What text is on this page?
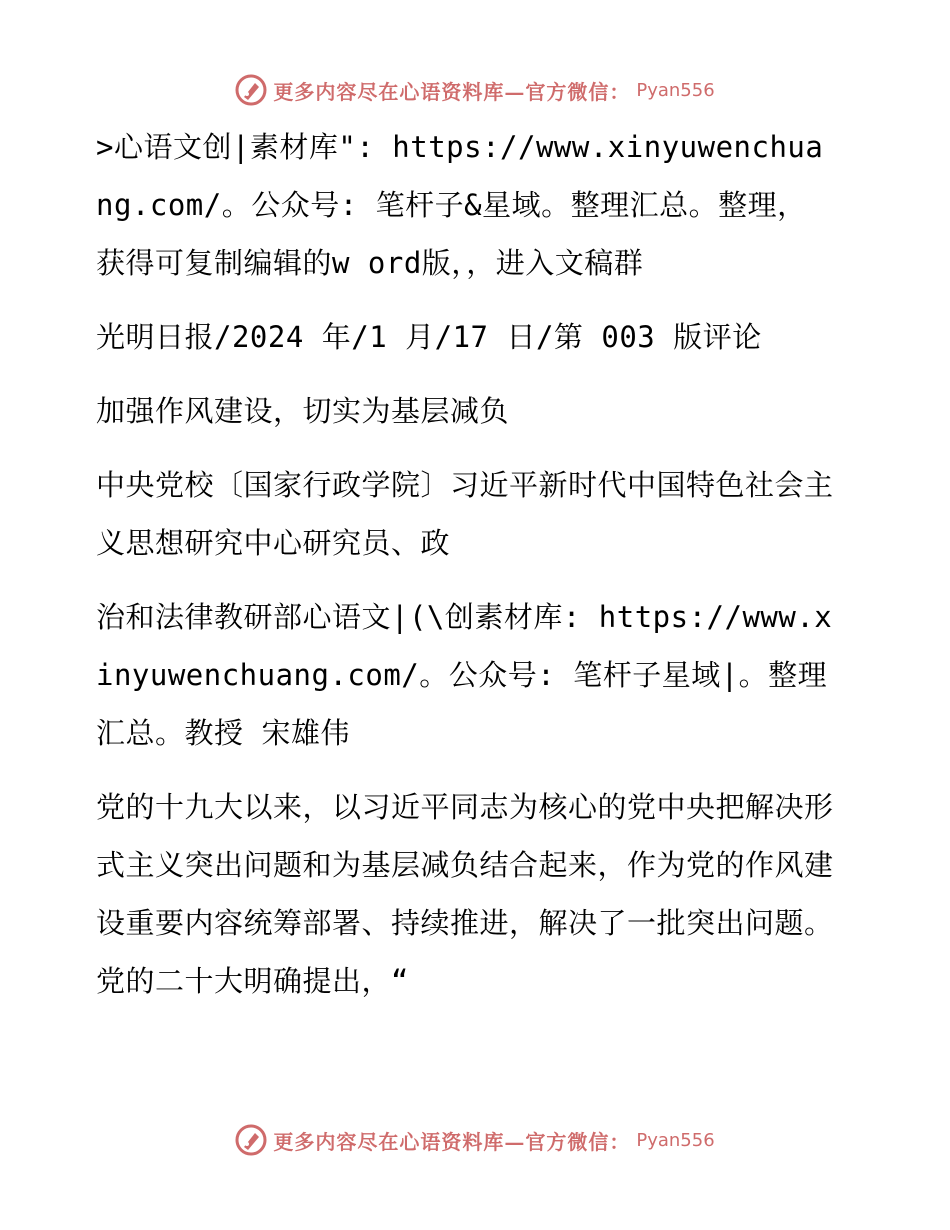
更多内容尽在心语资料库—官方微信： Pyan556

>心语文创|素材库": https://www.xinyuwenchuang.com/。公众号: 笔杆子&星域。整理汇总。整理，获得可复制编辑的w ord版，，进入文稿群

光明日报/2024 年/1 月/17 日/第 003 版评论

加强作风建设，切实为基层减负

中央党校〔国家行政学院〕习近平新时代中国特色社会主义思想研究中心研究员、政

治和法律教研部心语文|(\创素材库: https://www.xinyuwenchuang.com/。公众号: 笔杆子星域|。整理汇总。教授 宋雄伟

党的十九大以来，以习近平同志为核心的党中央把解决形式主义突出问题和为基层减负结合起来，作为党的作风建设重要内容统筹部署、持续推进，解决了一批突出问题。党的二十大明确提出，“

更多内容尽在心语资料库—官方微信： Pyan556
